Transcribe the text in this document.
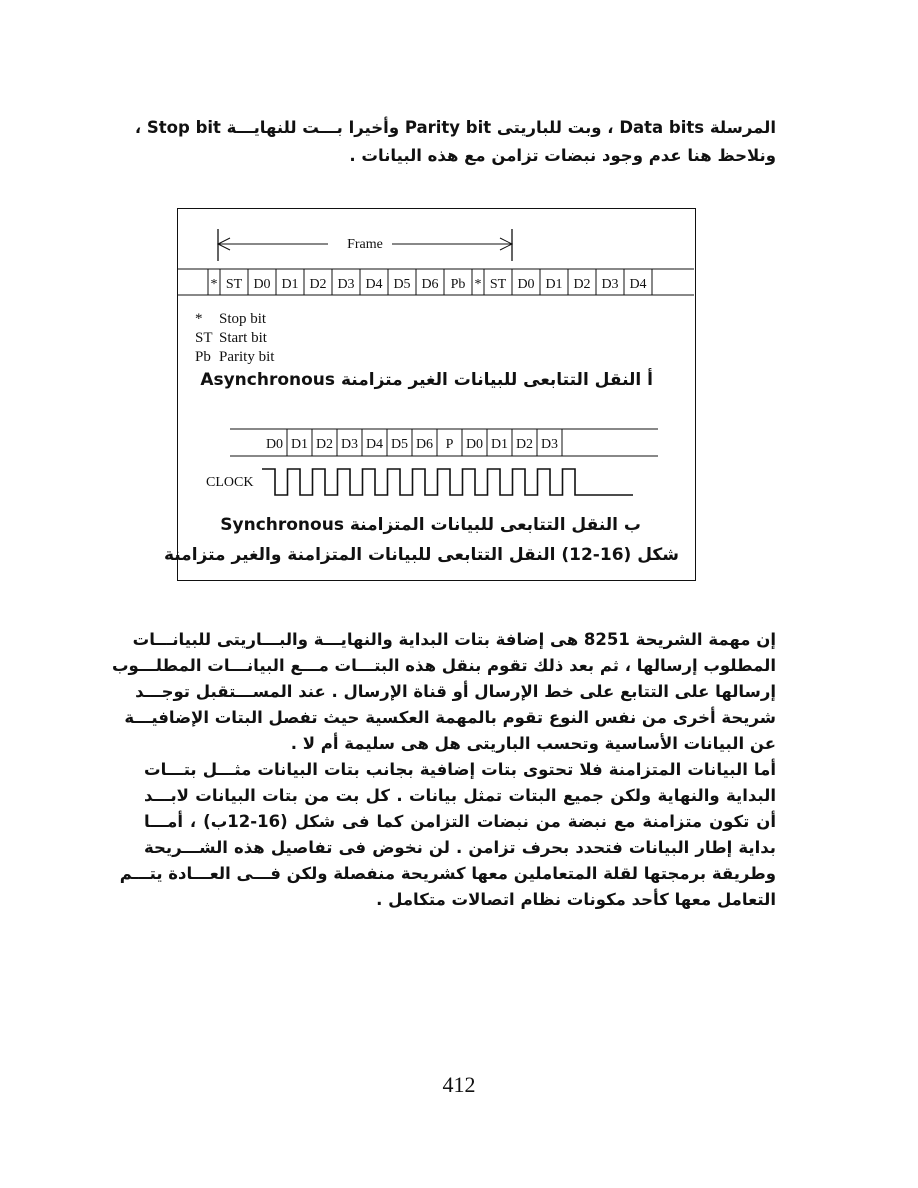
المرسلة Data bits ، وبت للباريتى Parity bit وأخيرا بـــت للنهايـــة Stop bit ،
ونلاحظ هنا عدم وجود نبضات تزامن مع هذه البيانات .
Frame
* ST D0 D1 D2 D3 D4 D5 D6 Pb * ST D0 D1 D2 D3 D4
D0 D1 D2 D3 D4 D5 D6 P D0 D1 D2 D3
CLOCK
* Stop bit
ST Start bit
Pb Parity bit
أ النقل التتابعى للبيانات الغير متزامنة Asynchronous
ب النقل التتابعى للبيانات المتزامنة Synchronous
شكل (16-12) النقل التتابعى للبيانات المتزامنة والغير متزامنة
إن مهمة الشريحة 8251 هى إضافة بتات البداية والنهايـــة والبـــاريتى للبيانـــات
المطلوب إرسالها ، ثم بعد ذلك تقوم بنقل هذه البتـــات مـــع البيانـــات المطلـــوب
إرسالها على التتابع على خط الإرسال أو قناة الإرسال . عند المســـتقبل توجـــد
شريحة أخرى من نفس النوع تقوم بالمهمة العكسية حيث تفصل البتات الإضافيـــة
عن البيانات الأساسية وتحسب الباريتى هل هى سليمة أم لا .
أما البيانات المتزامنة فلا تحتوى بتات إضافية بجانب بتات البيانات مثـــل بتـــات
البداية والنهاية ولكن جميع البتات تمثل بيانات . كل بت من بتات البيانات لابـــد
أن تكون متزامنة مع نبضة من نبضات التزامن كما فى شكل (16-12ب) ، أمـــا
بداية إطار البيانات فتحدد بحرف تزامن . لن نخوض فى تفاصيل هذه الشـــريحة
وطريقة برمجتها لقلة المتعاملين معها كشريحة منفصلة ولكن فـــى العـــادة يتـــم
التعامل معها كأحد مكونات نظام اتصالات متكامل .
412
